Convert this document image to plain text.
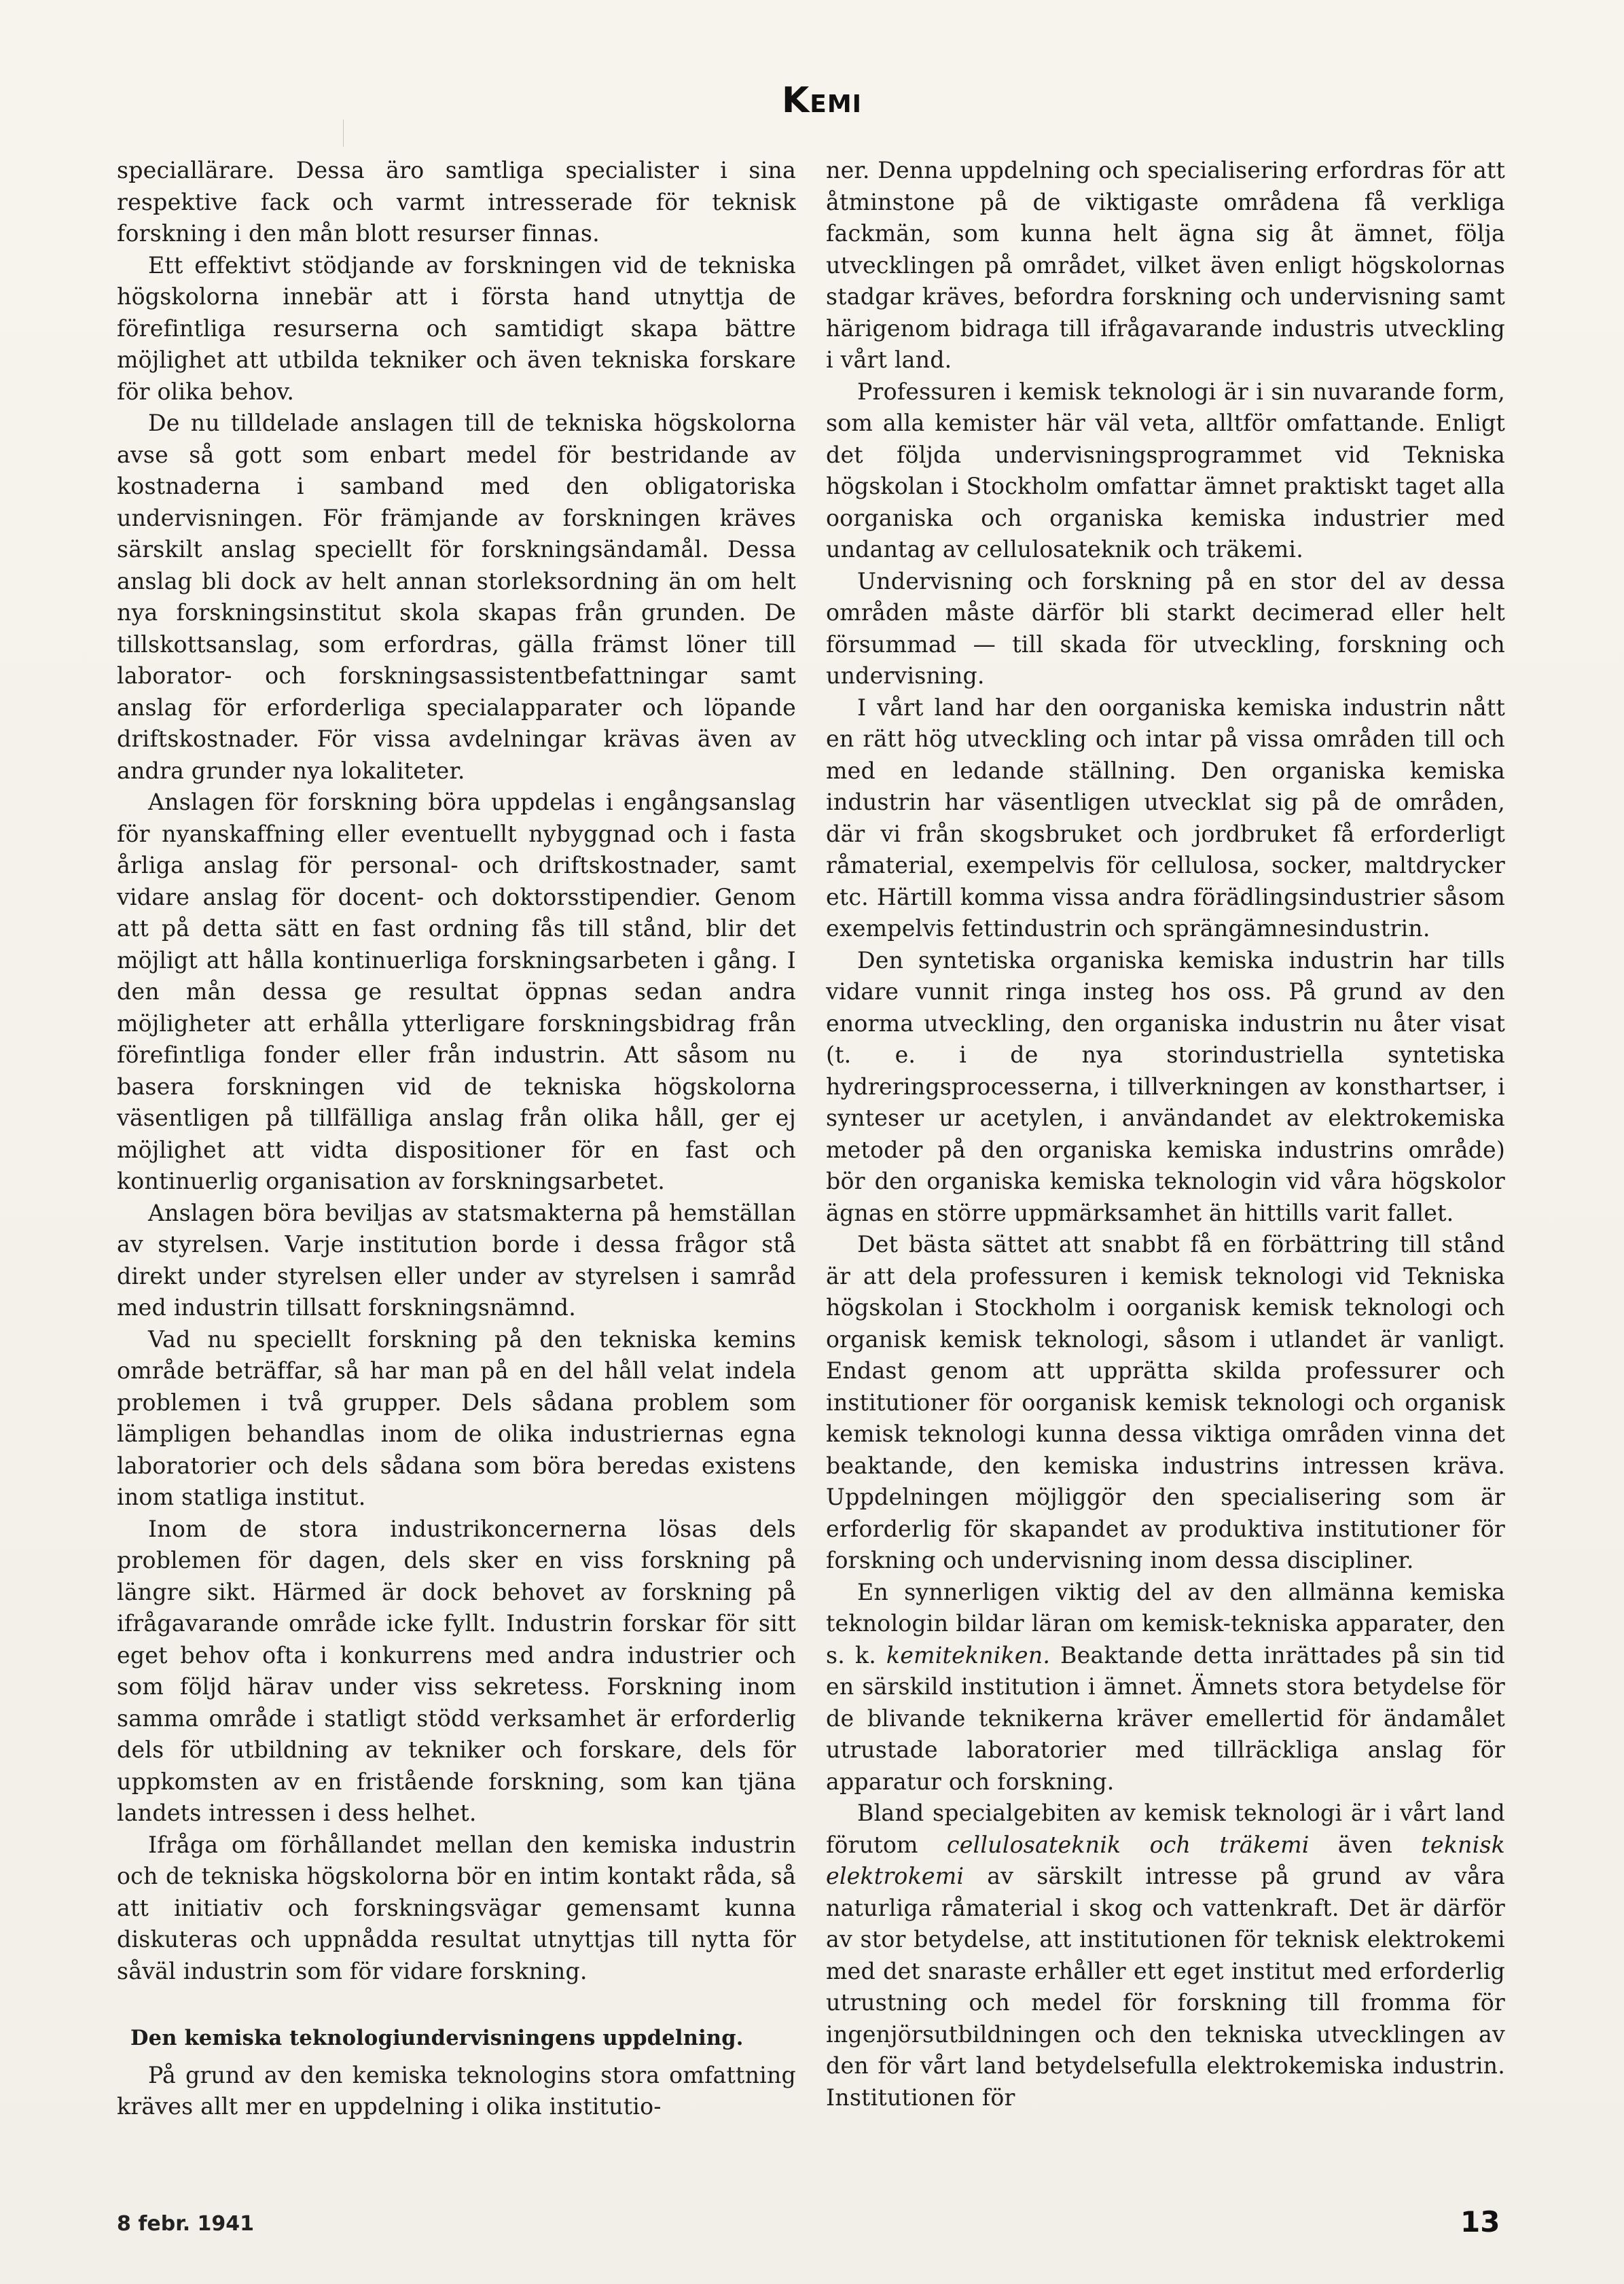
Kemi

speciallärare. Dessa äro samtliga specialister i sina respektive fack och varmt intresserade för teknisk forskning i den mån blott resurser finnas.

Ett effektivt stödjande av forskningen vid de tekniska högskolorna innebär att i första hand utnyttja de förefintliga resurserna och samtidigt skapa bättre möjlighet att utbilda tekniker och även tekniska forskare för olika behov.

De nu tilldelade anslagen till de tekniska högskolorna avse så gott som enbart medel för bestridande av kostnaderna i samband med den obligatoriska undervisningen. För främjande av forskningen kräves särskilt anslag speciellt för forskningsändamål. Dessa anslag bli dock av helt annan storleksordning än om helt nya forskningsinstitut skola skapas från grunden. De tillskottsanslag, som erfordras, gälla främst löner till laborator- och forskningsassistentbefattningar samt anslag för erforderliga specialapparater och löpande driftskostnader. För vissa avdelningar krävas även av andra grunder nya lokaliteter.

Anslagen för forskning böra uppdelas i engångsanslag för nyanskaffning eller eventuellt nybyggnad och i fasta årliga anslag för personal- och driftskostnader, samt vidare anslag för docent- och doktorsstipendier. Genom att på detta sätt en fast ordning fås till stånd, blir det möjligt att hålla kontinuerliga forskningsarbeten i gång. I den mån dessa ge resultat öppnas sedan andra möjligheter att erhålla ytterligare forskningsbidrag från förefintliga fonder eller från industrin. Att såsom nu basera forskningen vid de tekniska högskolorna väsentligen på tillfälliga anslag från olika håll, ger ej möjlighet att vidta dispositioner för en fast och kontinuerlig organisation av forskningsarbetet.

Anslagen böra beviljas av statsmakterna på hemställan av styrelsen. Varje institution borde i dessa frågor stå direkt under styrelsen eller under av styrelsen i samråd med industrin tillsatt forskningsnämnd.

Vad nu speciellt forskning på den tekniska kemins område beträffar, så har man på en del håll velat indela problemen i två grupper. Dels sådana problem som lämpligen behandlas inom de olika industriernas egna laboratorier och dels sådana som böra beredas existens inom statliga institut.

Inom de stora industrikoncernerna lösas dels problemen för dagen, dels sker en viss forskning på längre sikt. Härmed är dock behovet av forskning på ifrågavarande område icke fyllt. Industrin forskar för sitt eget behov ofta i konkurrens med andra industrier och som följd härav under viss sekretess. Forskning inom samma område i statligt stödd verksamhet är erforderlig dels för utbildning av tekniker och forskare, dels för uppkomsten av en fristående forskning, som kan tjäna landets intressen i dess helhet.

Ifråga om förhållandet mellan den kemiska industrin och de tekniska högskolorna bör en intim kontakt råda, så att initiativ och forskningsvägar gemensamt kunna diskuteras och uppnådda resultat utnyttjas till nytta för såväl industrin som för vidare forskning.

Den kemiska teknologiundervisningens uppdelning.

På grund av den kemiska teknologins stora omfattning kräves allt mer en uppdelning i olika institutio-

ner. Denna uppdelning och specialisering erfordras för att åtminstone på de viktigaste områdena få verkliga fackmän, som kunna helt ägna sig åt ämnet, följa utvecklingen på området, vilket även enligt högskolornas stadgar kräves, befordra forskning och undervisning samt härigenom bidraga till ifrågavarande industris utveckling i vårt land.

Professuren i kemisk teknologi är i sin nuvarande form, som alla kemister här väl veta, alltför omfattande. Enligt det följda undervisningsprogrammet vid Tekniska högskolan i Stockholm omfattar ämnet praktiskt taget alla oorganiska och organiska kemiska industrier med undantag av cellulosateknik och träkemi.

Undervisning och forskning på en stor del av dessa områden måste därför bli starkt decimerad eller helt försummad — till skada för utveckling, forskning och undervisning.

I vårt land har den oorganiska kemiska industrin nått en rätt hög utveckling och intar på vissa områden till och med en ledande ställning. Den organiska kemiska industrin har väsentligen utvecklat sig på de områden, där vi från skogsbruket och jordbruket få erforderligt råmaterial, exempelvis för cellulosa, socker, maltdrycker etc. Härtill komma vissa andra förädlingsindustrier såsom exempelvis fettindustrin och sprängämnesindustrin.

Den syntetiska organiska kemiska industrin har tills vidare vunnit ringa insteg hos oss. På grund av den enorma utveckling, den organiska industrin nu åter visat (t. e. i de nya storindustriella syntetiska hydreringsprocesserna, i tillverkningen av konsthartser, i synteser ur acetylen, i användandet av elektrokemiska metoder på den organiska kemiska industrins område) bör den organiska kemiska teknologin vid våra högskolor ägnas en större uppmärksamhet än hittills varit fallet.

Det bästa sättet att snabbt få en förbättring till stånd är att dela professuren i kemisk teknologi vid Tekniska högskolan i Stockholm i oorganisk kemisk teknologi och organisk kemisk teknologi, såsom i utlandet är vanligt. Endast genom att upprätta skilda professurer och institutioner för oorganisk kemisk teknologi och organisk kemisk teknologi kunna dessa viktiga områden vinna det beaktande, den kemiska industrins intressen kräva. Uppdelningen möjliggör den specialisering som är erforderlig för skapandet av produktiva institutioner för forskning och undervisning inom dessa discipliner.

En synnerligen viktig del av den allmänna kemiska teknologin bildar läran om kemisk-tekniska apparater, den s. k. kemitekniken. Beaktande detta inrättades på sin tid en särskild institution i ämnet. Ämnets stora betydelse för de blivande teknikerna kräver emellertid för ändamålet utrustade laboratorier med tillräckliga anslag för apparatur och forskning.

Bland specialgebiten av kemisk teknologi är i vårt land förutom cellulosateknik och träkemi även teknisk elektrokemi av särskilt intresse på grund av våra naturliga råmaterial i skog och vattenkraft. Det är därför av stor betydelse, att institutionen för teknisk elektrokemi med det snaraste erhåller ett eget institut med erforderlig utrustning och medel för forskning till fromma för ingenjörsutbildningen och den tekniska utvecklingen av den för vårt land betydelsefulla elektrokemiska industrin. Institutionen för

8 febr. 1941	13
